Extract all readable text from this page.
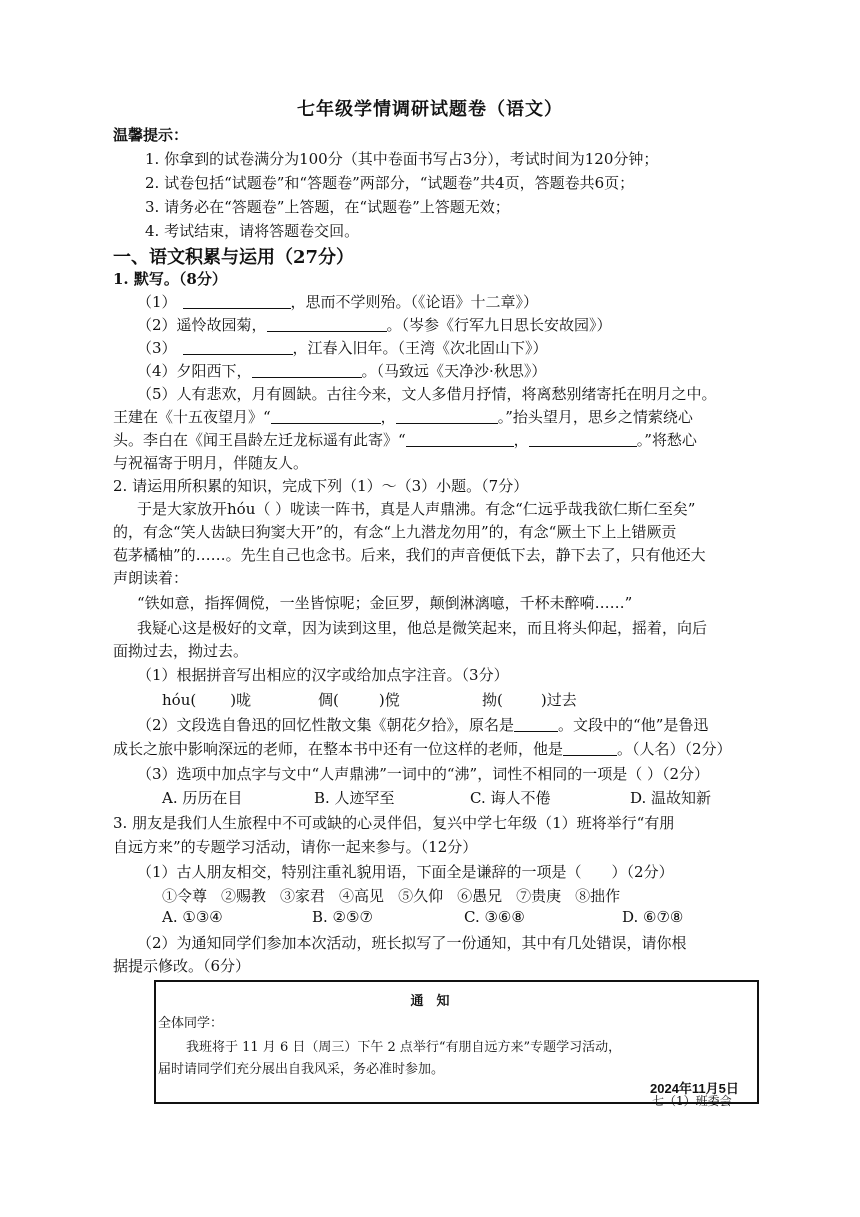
七年级学情调研试题卷（语文）
温馨提示：
1. 你拿到的试卷满分为100分（其中卷面书写占3分），考试时间为120分钟；
2. 试卷包括“试题卷”和“答题卷”两部分，“试题卷”共4页，答题卷共6页；
3. 请务必在“答题卷”上答题，在“试题卷”上答题无效；
4. 考试结束，请将答题卷交回。
一、语文积累与运用（27分）
1. 默写。（8分）
（1）	，思而不学则殆。（《论语》十二章》）
（2）遥怜故园菊，	。（岑参《行军九日思长安故园》）
（3）	，江春入旧年。（王湾《次北固山下》）
（4）夕阳西下，	。（马致远《天净沙·秋思》）
（5）人有悲欢，月有圆缺。古往今来，文人多借月抒情，将离愁别绪寄托在明月之中。
王建在《十五夜望月》“	，	。”抬头望月，思乡之情萦绕心
头。李白在《闻王昌龄左迁龙标遥有此寄》“	，	。”将愁心
与祝福寄于明月，伴随友人。
2. 请运用所积累的知识，完成下列（1）～（3）小题。（7分）
于是大家放开hóu（ ）咙读一阵书，真是人声鼎沸。有念“仁远乎哉我欲仁斯仁至矣”
的，有念“笑人齿缺曰狗窦大开”的，有念“上九潜龙勿用”的，有念“厥土下上上错厥贡
苞茅橘柚”的……。先生自己也念书。后来，我们的声音便低下去，静下去了，只有他还大
声朗读着：
“铁如意，指挥倜傥，一坐皆惊呢；金叵罗，颠倒淋漓噫，千杯未醉嗬……”
我疑心这是极好的文章，因为读到这里，他总是微笑起来，而且将头仰起，摇着，向后
面拗过去，拗过去。
（1）根据拼音写出相应的汉字或给加点字注音。（3分）
hóu( )咙	倜(	)傥	拗(	)过去
（2）文段选自鲁迅的回忆性散文集《朝花夕拾》，原名是	。文段中的“他”是鲁迅
成长之旅中影响深远的老师，在整本书中还有一位这样的老师，他是	。（人名）（2分）
（3）选项中加点字与文中“人声鼎沸”一词中的“沸”，词性不相同的一项是（ ）（2分）
A. 历历在目	B. 人迹罕至	C. 诲人不倦	D. 温故知新
3. 朋友是我们人生旅程中不可或缺的心灵伴侣，复兴中学七年级（1）班将举行“有朋
自远方来”的专题学习活动，请你一起来参与。（12分）
（1）古人朋友相交，特别注重礼貌用语，下面全是谦辞的一项是（　　）（2分）
①令尊 ②赐教 ③家君 ④高见 ⑤久仰 ⑥愚兄 ⑦贵庚 ⑧拙作
A. ①③④	B. ②⑤⑦	C. ③⑥⑧	D. ⑥⑦⑧
（2）为通知同学们参加本次活动，班长拟写了一份通知，其中有几处错误，请你根
据提示修改。（6分）
通　知
全体同学：
我班将于 11 月 6 日（周三）下午 2 点举行“有朋自远方来”专题学习活动，
届时请同学们充分展出自我风采，务必准时参加。
2024年11月5日
七（1）班委会
